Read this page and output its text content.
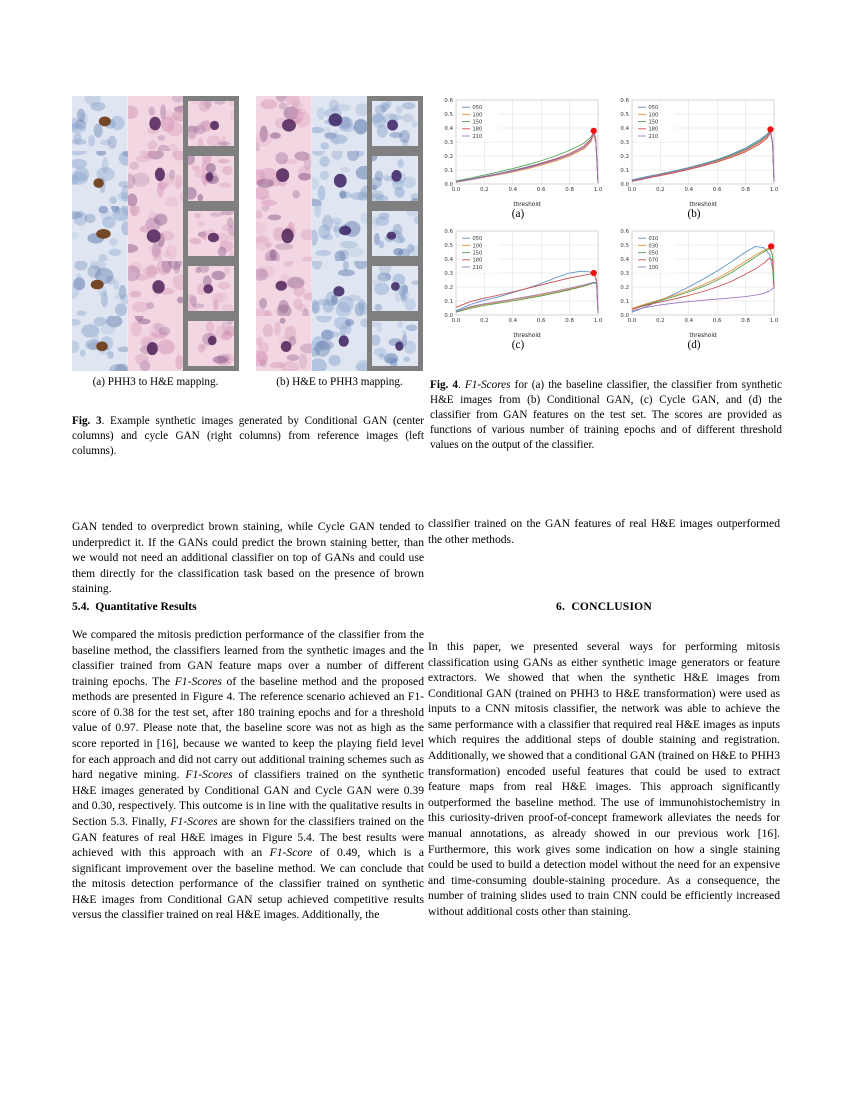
(a) PHH3 to H&E mapping.	(b) H&E to PHH3 mapping.
Fig. 3. Example synthetic images generated by Conditional GAN (center columns) and cycle GAN (right columns) from reference images (left columns).
0.0
0.1
0.2
0.3
0.4
0.5
0.6
0.0	0.2	0.4	0.6	0.8	1.0
threshold
050
100
150
180
210
(a)
0.0
0.1
0.2
0.3
0.4
0.5
0.6
0.0	0.2	0.4	0.6	0.8	1.0
threshold
050
100
150
180
210
(b)
0.0
0.1
0.2
0.3
0.4
0.5
0.6
0.0	0.2	0.4	0.6	0.8	1.0
threshold
050
100
150
180
210
(c)
0.0
0.1
0.2
0.3
0.4
0.5
0.6
0.0	0.2	0.4	0.6	0.8	1.0
threshold
010
030
050
070
100
(d)
Fig. 4. F1-Scores for (a) the baseline classifier, the classifier from synthetic H&E images from (b) Conditional GAN, (c) Cycle GAN, and (d) the classifier from GAN features on the test set. The scores are provided as functions of various number of training epochs and of different threshold values on the output of the classifier.

GAN tended to overpredict brown staining, while Cycle GAN tended to underpredict it. If the GANs could predict the brown staining better, than we would not need an additional classifier on top of GANs and could use them directly for the classification task based on the presence of brown staining.

5.4. Quantitative Results

We compared the mitosis prediction performance of the classifier from the baseline method, the classifiers learned from the synthetic images and the classifier trained from GAN feature maps over a number of different training epochs. The F1-Scores of the baseline method and the proposed methods are presented in Figure 4. The reference scenario achieved an F1-score of 0.38 for the test set, after 180 training epochs and for a threshold value of 0.97. Please note that, the baseline score was not as high as the score reported in [16], because we wanted to keep the playing field level for each approach and did not carry out additional training schemes such as hard negative mining. F1-Scores of classifiers trained on the synthetic H&E images generated by Conditional GAN and Cycle GAN were 0.39 and 0.30, respectively. This outcome is in line with the qualitative results in Section 5.3. Finally, F1-Scores are shown for the classifiers trained on the GAN features of real H&E images in Figure 5.4. The best results were achieved with this approach with an F1-Score of 0.49, which is a significant improvement over the baseline method. We can conclude that the mitosis detection performance of the classifier trained on synthetic H&E images from Conditional GAN setup achieved competitive results versus the classifier trained on real H&E images. Additionally, the

classifier trained on the GAN features of real H&E images outperformed the other methods.

6. CONCLUSION

In this paper, we presented several ways for performing mitosis classification using GANs as either synthetic image generators or feature extractors. We showed that when the synthetic H&E images from Conditional GAN (trained on PHH3 to H&E transformation) were used as inputs to a CNN mitosis classifier, the network was able to achieve the same performance with a classifier that required real H&E images as inputs which requires the additional steps of double staining and registration. Additionally, we showed that a conditional GAN (trained on H&E to PHH3 transformation) encoded useful features that could be used to extract feature maps from real H&E images. This approach significantly outperformed the baseline method. The use of immunohistochemistry in this curiosity-driven proof-of-concept framework alleviates the needs for manual annotations, as already showed in our previous work [16]. Furthermore, this work gives some indication on how a single staining could be used to build a detection model without the need for an expensive and time-consuming double-staining procedure. As a consequence, the number of training slides used to train CNN could be efficiently increased without additional costs other than staining.
